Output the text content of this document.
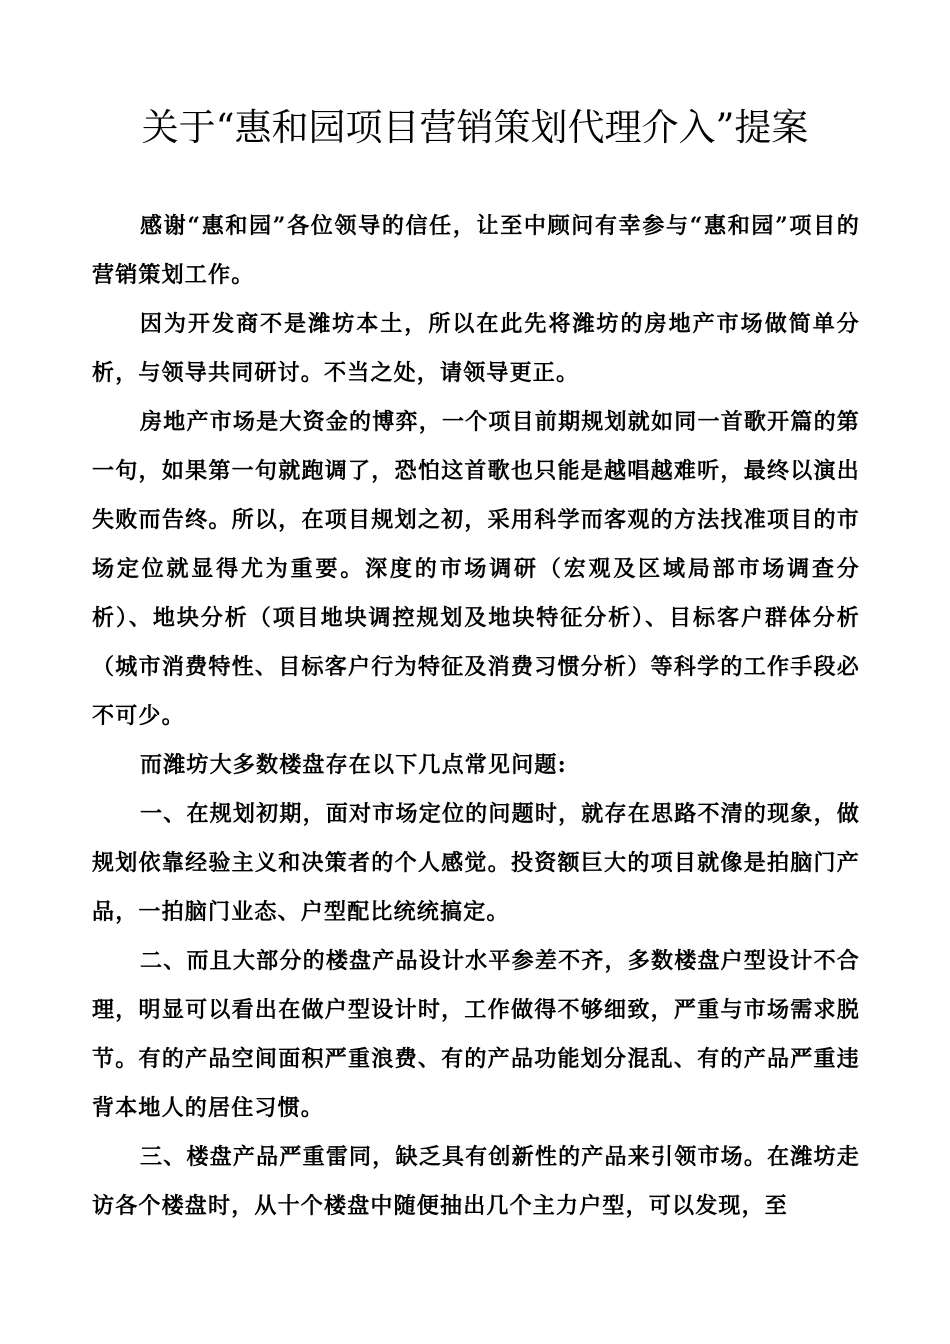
关于“惠和园项目营销策划代理介入”提案

感谢“惠和园”各位领导的信任，让至中顾问有幸参与“惠和园”项目的营销策划工作。

因为开发商不是潍坊本土，所以在此先将潍坊的房地产市场做简单分析，与领导共同研讨。不当之处，请领导更正。

房地产市场是大资金的博弈，一个项目前期规划就如同一首歌开篇的第一句，如果第一句就跑调了，恐怕这首歌也只能是越唱越难听，最终以演出失败而告终。所以，在项目规划之初，采用科学而客观的方法找准项目的市场定位就显得尤为重要。深度的市场调研（宏观及区域局部市场调查分析）、地块分析（项目地块调控规划及地块特征分析）、目标客户群体分析（城市消费特性、目标客户行为特征及消费习惯分析）等科学的工作手段必不可少。

而潍坊大多数楼盘存在以下几点常见问题:

一、在规划初期，面对市场定位的问题时，就存在思路不清的现象，做规划依靠经验主义和决策者的个人感觉。投资额巨大的项目就像是拍脑门产品，一拍脑门业态、户型配比统统搞定。

二、而且大部分的楼盘产品设计水平参差不齐，多数楼盘户型设计不合理，明显可以看出在做户型设计时，工作做得不够细致，严重与市场需求脱节。有的产品空间面积严重浪费、有的产品功能划分混乱、有的产品严重违背本地人的居住习惯。

三、楼盘产品严重雷同，缺乏具有创新性的产品来引领市场。在潍坊走访各个楼盘时，从十个楼盘中随便抽出几个主力户型，可以发现，至
